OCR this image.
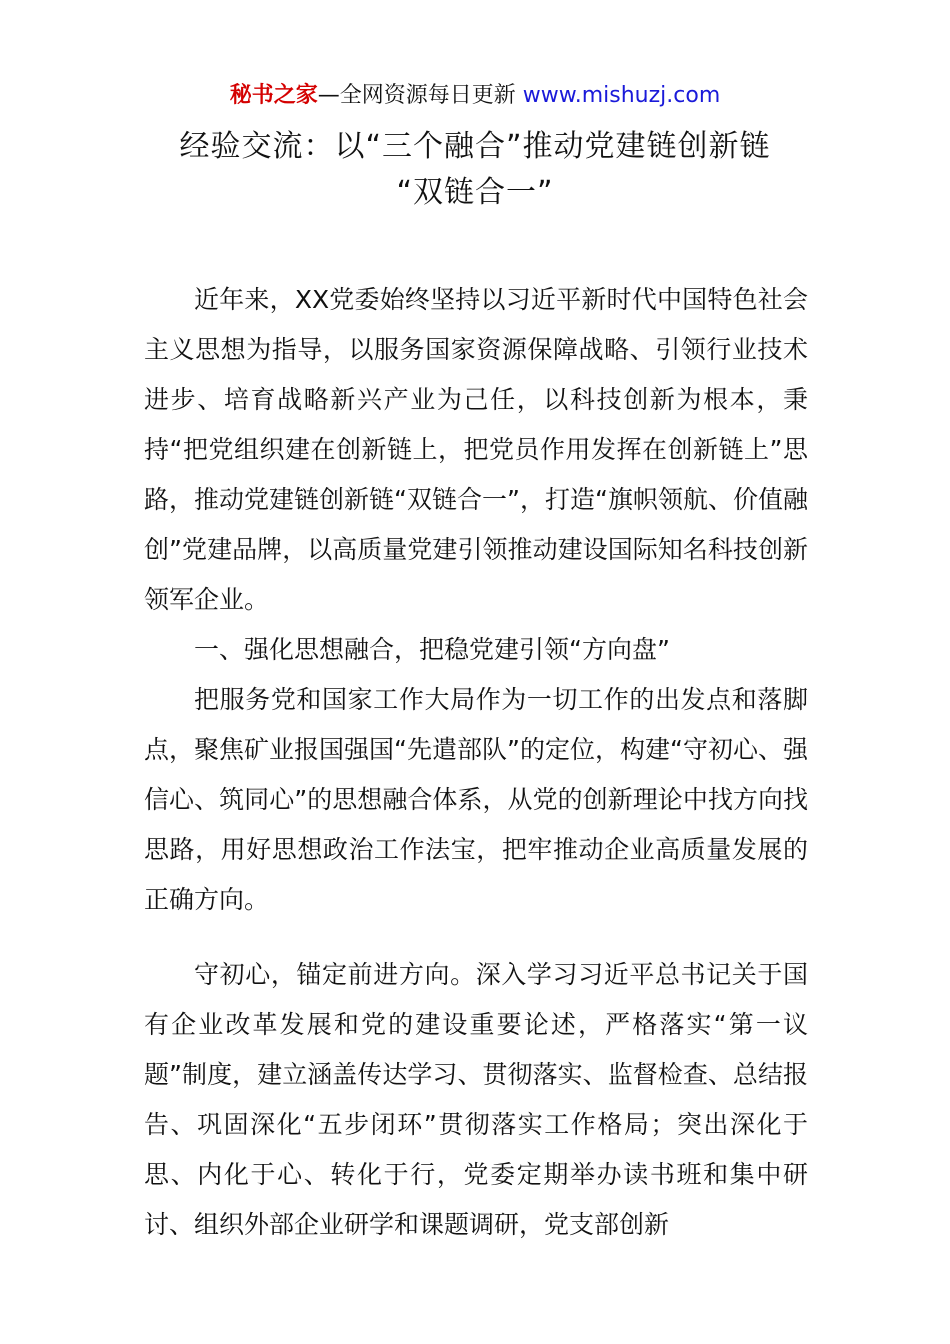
秘书之家—全网资源每日更新 www.mishuzj.com
经验交流：以“三个融合”推动党建链创新链
“双链合一”

近年来，XX党委始终坚持以习近平新时代中国特色社会主义思想为指导，以服务国家资源保障战略、引领行业技术进步、培育战略新兴产业为己任，以科技创新为根本，秉持“把党组织建在创新链上，把党员作用发挥在创新链上”思路，推动党建链创新链“双链合一”，打造“旗帜领航、价值融创”党建品牌，以高质量党建引领推动建设国际知名科技创新领军企业。

一、强化思想融合，把稳党建引领“方向盘”

把服务党和国家工作大局作为一切工作的出发点和落脚点，聚焦矿业报国强国“先遣部队”的定位，构建“守初心、强信心、筑同心”的思想融合体系，从党的创新理论中找方向找思路，用好思想政治工作法宝，把牢推动企业高质量发展的正确方向。

守初心，锚定前进方向。深入学习习近平总书记关于国有企业改革发展和党的建设重要论述，严格落实“第一议题”制度，建立涵盖传达学习、贯彻落实、监督检查、总结报告、巩固深化“五步闭环”贯彻落实工作格局；突出深化于思、内化于心、转化于行，党委定期举办读书班和集中研讨、组织外部企业研学和课题调研，党支部创新
